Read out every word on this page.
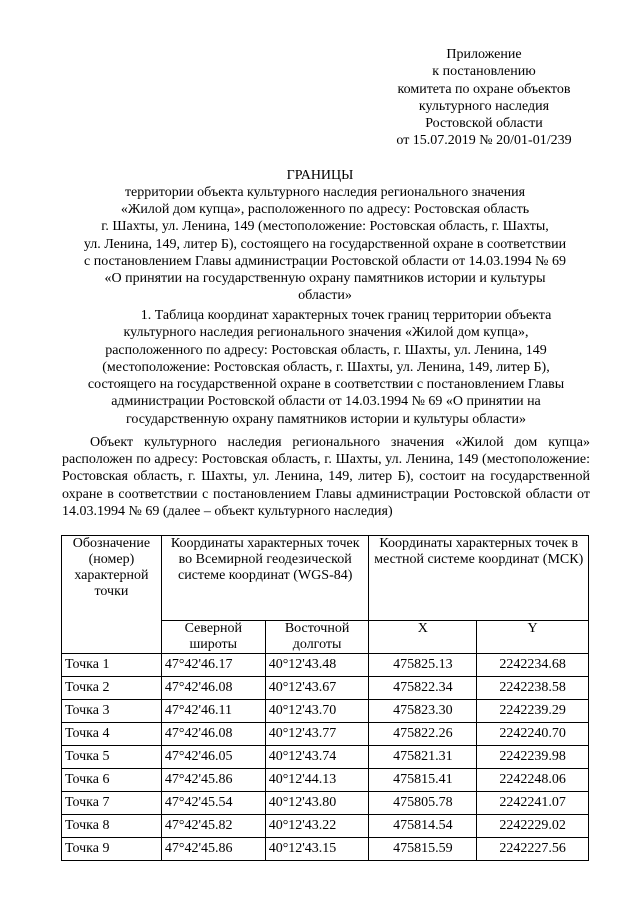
Приложение
к постановлению
комитета по охране объектов
культурного наследия
Ростовской области
от 15.07.2019 № 20/01-01/239
ГРАНИЦЫ
территории объекта культурного наследия регионального значения
«Жилой дом купца», расположенного по адресу: Ростовская область
г. Шахты, ул. Ленина, 149 (местоположение: Ростовская область, г. Шахты,
ул. Ленина, 149, литер Б), состоящего на государственной охране в соответствии
с постановлением Главы администрации Ростовской области от 14.03.1994 № 69
«О принятии на государственную охрану памятников истории и культуры
области»
1. Таблица координат характерных точек границ территории объекта
культурного наследия регионального значения «Жилой дом купца»,
расположенного по адресу: Ростовская область, г. Шахты, ул. Ленина, 149
(местоположение: Ростовская область, г. Шахты, ул. Ленина, 149, литер Б),
состоящего на государственной охране в соответствии с постановлением Главы
администрации Ростовской области от 14.03.1994 № 69 «О принятии на
государственную охрану памятников истории и культуры области»
Объект культурного наследия регионального значения «Жилой дом купца» расположен по адресу: Ростовская область, г. Шахты, ул. Ленина, 149 (местоположение: Ростовская область, г. Шахты, ул. Ленина, 149, литер Б), состоит на государственной охране в соответствии с постановлением Главы администрации Ростовской области от 14.03.1994 № 69 (далее – объект культурного наследия)
Обозначение (номер) характерной точки	Координаты характерных точек во Всемирной геодезической системе координат (WGS-84)		Координаты характерных точек в местной системе координат (МСК)	
	Северной широты	Восточной долготы	X	Y
Точка 1	47°42'46.17	40°12'43.48	475825.13	2242234.68
Точка 2	47°42'46.08	40°12'43.67	475822.34	2242238.58
Точка 3	47°42'46.11	40°12'43.70	475823.30	2242239.29
Точка 4	47°42'46.08	40°12'43.77	475822.26	2242240.70
Точка 5	47°42'46.05	40°12'43.74	475821.31	2242239.98
Точка 6	47°42'45.86	40°12'44.13	475815.41	2242248.06
Точка 7	47°42'45.54	40°12'43.80	475805.78	2242241.07
Точка 8	47°42'45.82	40°12'43.22	475814.54	2242229.02
Точка 9	47°42'45.86	40°12'43.15	475815.59	2242227.56
